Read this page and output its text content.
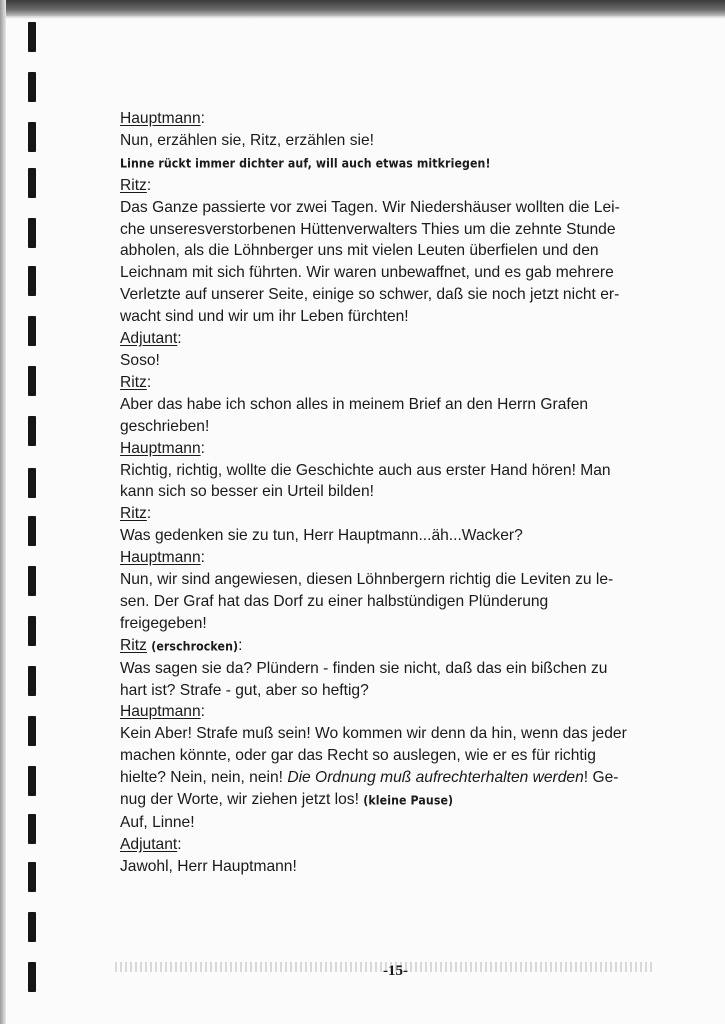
Hauptmann:
Nun, erzählen sie, Ritz, erzählen sie!
Linne rückt immer dichter auf, will auch etwas mitkriegen!
Ritz:
Das Ganze passierte vor zwei Tagen. Wir Niedershäuser wollten die Lei-
che unseresverstorbenen Hüttenverwalters Thies um die zehnte Stunde
abholen, als die Löhnberger uns mit vielen Leuten überfielen und den
Leichnam mit sich führten. Wir waren unbewaffnet, und es gab mehrere
Verletzte auf unserer Seite, einige so schwer, daß sie noch jetzt nicht er-
wacht sind und wir um ihr Leben fürchten!
Adjutant:
Soso!
Ritz:
Aber das habe ich schon alles in meinem Brief an den Herrn Grafen
geschrieben!
Hauptmann:
Richtig, richtig, wollte die Geschichte auch aus erster Hand hören! Man
kann sich so besser ein Urteil bilden!
Ritz:
Was gedenken sie zu tun, Herr Hauptmann...äh...Wacker?
Hauptmann:
Nun, wir sind angewiesen, diesen Löhnbergern richtig die Leviten zu le-
sen. Der Graf hat das Dorf zu einer halbstündigen Plünderung
freigegeben!
Ritz (erschrocken):
Was sagen sie da? Plündern - finden sie nicht, daß das ein bißchen zu
hart ist? Strafe - gut, aber so heftig?
Hauptmann:
Kein Aber! Strafe muß sein! Wo kommen wir denn da hin, wenn das jeder
machen könnte, oder gar das Recht so auslegen, wie er es für richtig
hielte? Nein, nein, nein! Die Ordnung muß aufrechterhalten werden! Ge-
nug der Worte, wir ziehen jetzt los! (kleine Pause)
Auf, Linne!
Adjutant:
Jawohl, Herr Hauptmann!
-15-
